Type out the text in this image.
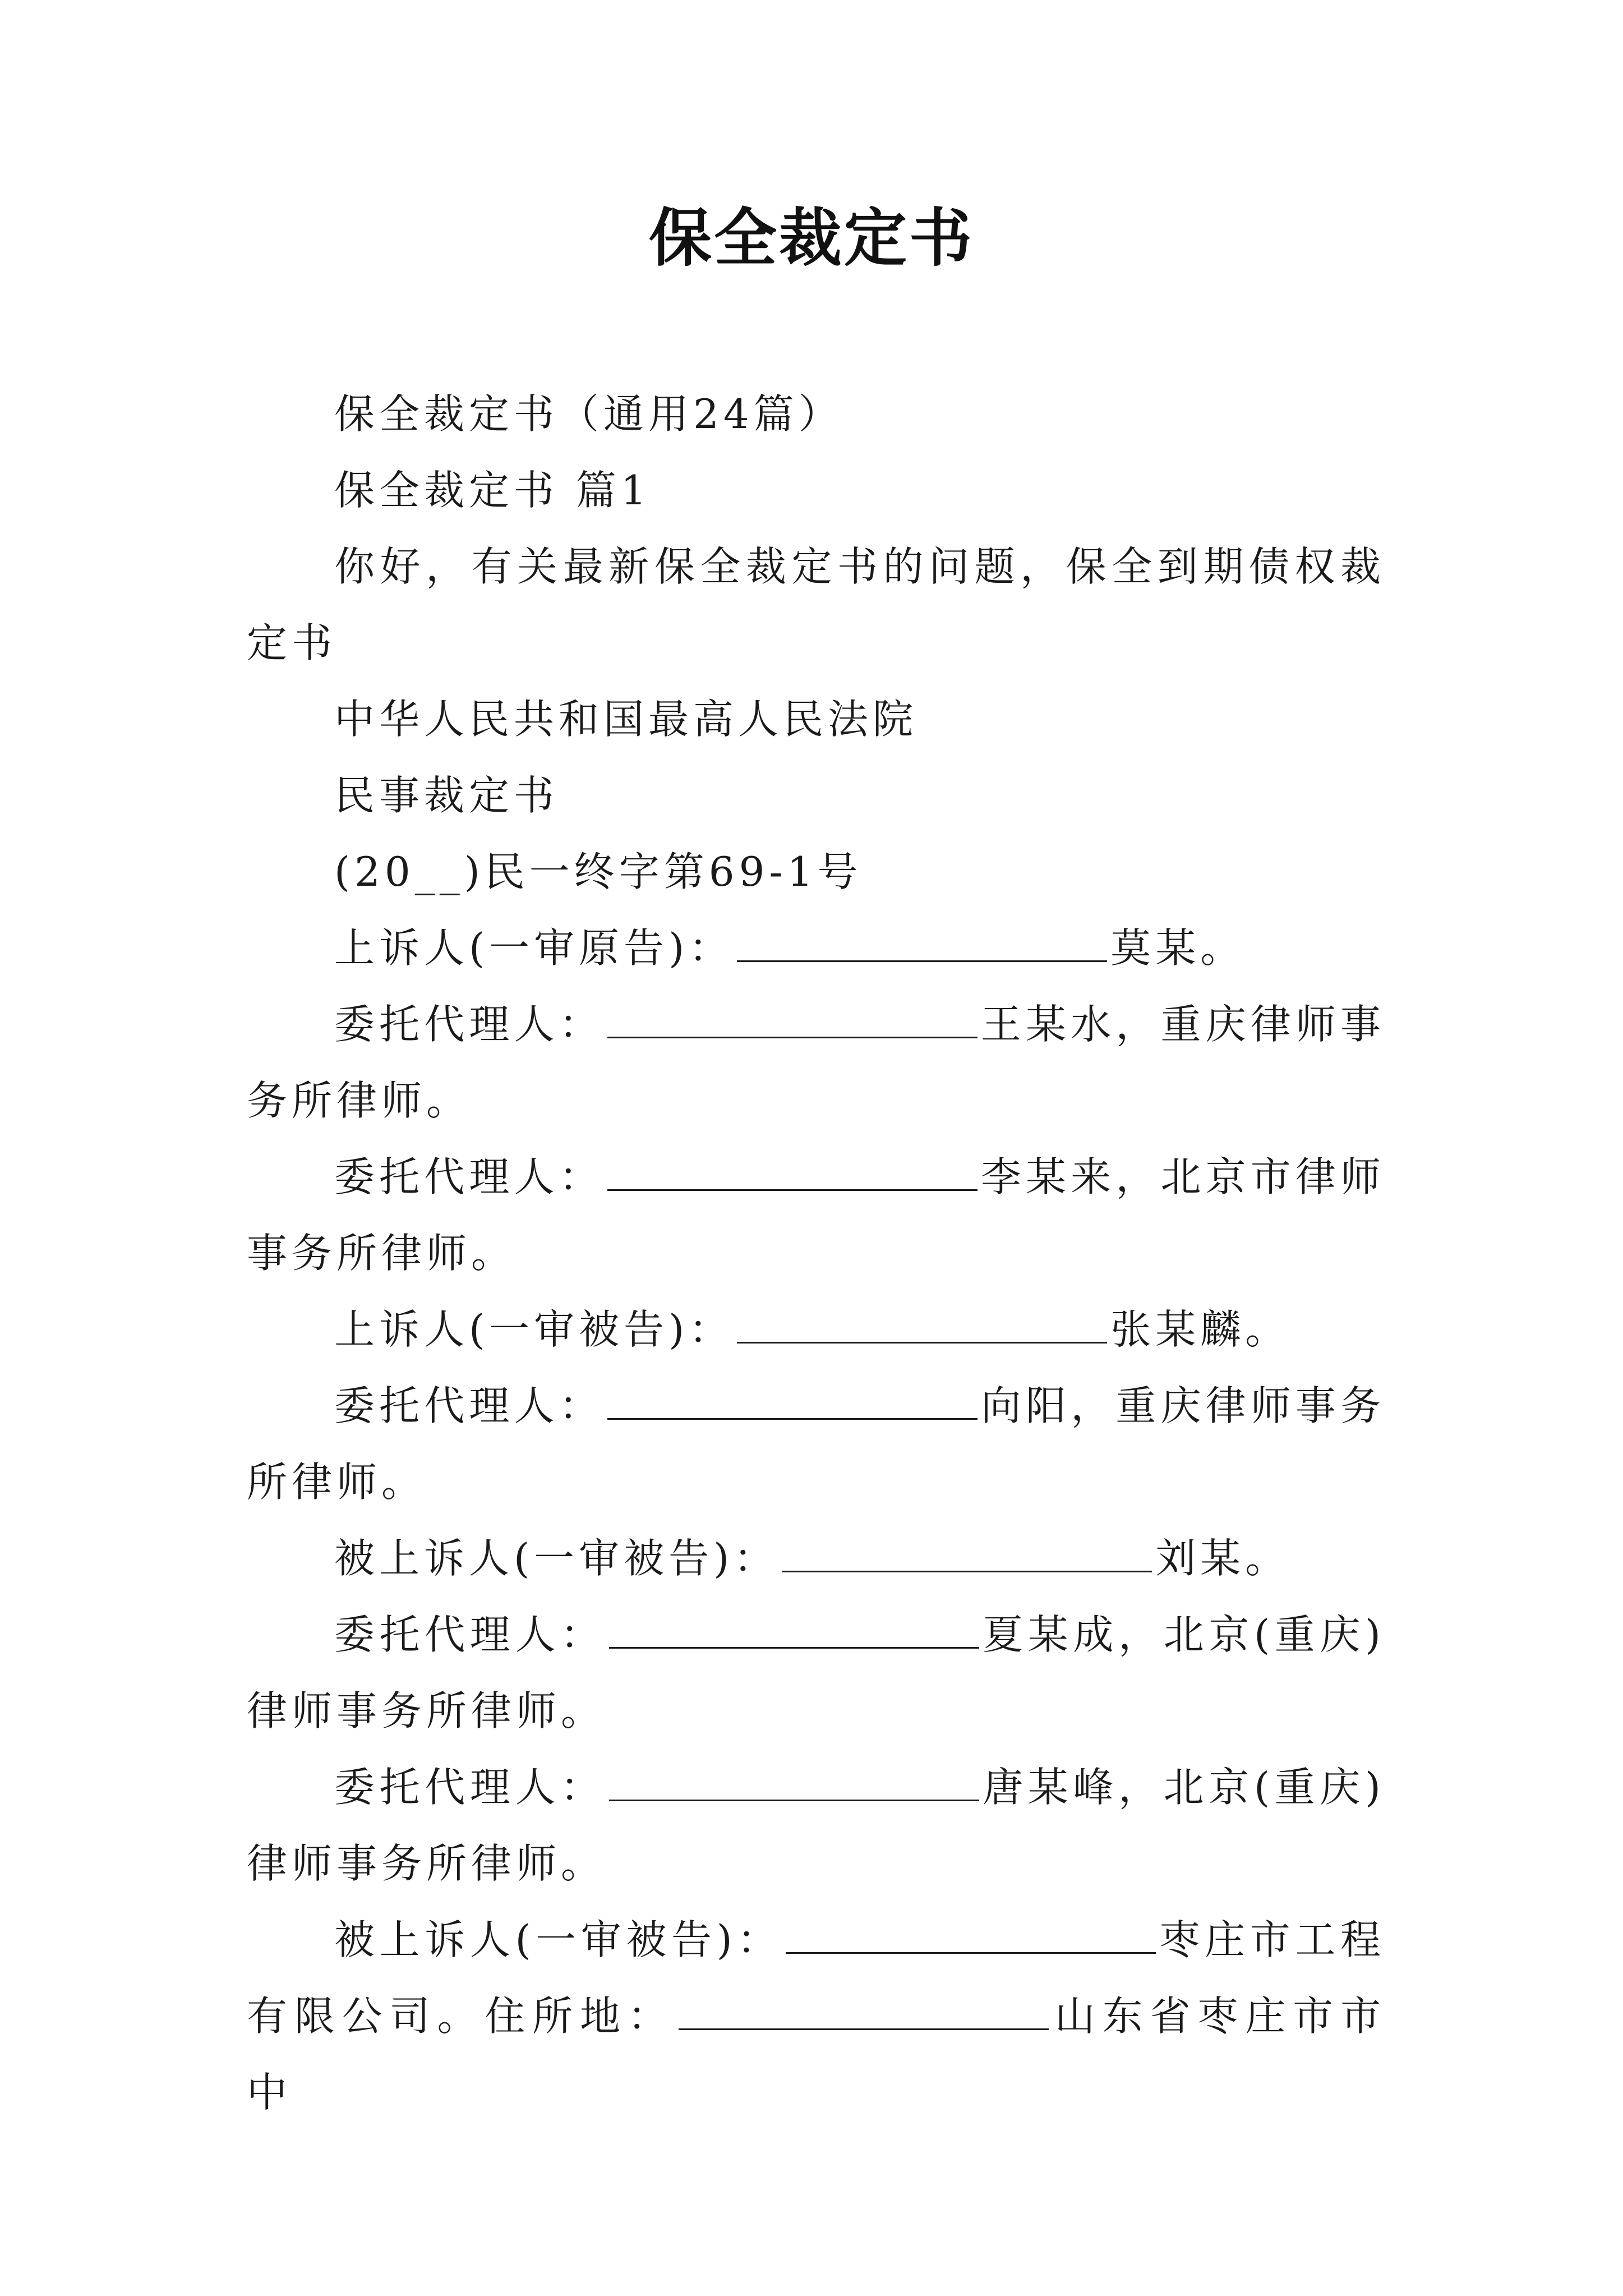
保全裁定书

保全裁定书（通用24篇）

保全裁定书 篇1

你好，有关最新保全裁定书的问题，保全到期债权裁定书

中华人民共和国最高人民法院

民事裁定书

(20__)民一终字第69-1号

上诉人(一审原告)：	莫某。

委托代理人：	王某水，重庆律师事务所律师。

委托代理人：	李某来，北京市律师事务所律师。

上诉人(一审被告)：	张某麟。

委托代理人：	向阳，重庆律师事务所律师。

被上诉人(一审被告)：	刘某。

委托代理人：	夏某成，北京(重庆)律师事务所律师。

委托代理人：	唐某峰，北京(重庆)律师事务所律师。

被上诉人(一审被告)：	枣庄市工程有限公司。住所地：	山东省枣庄市市中
